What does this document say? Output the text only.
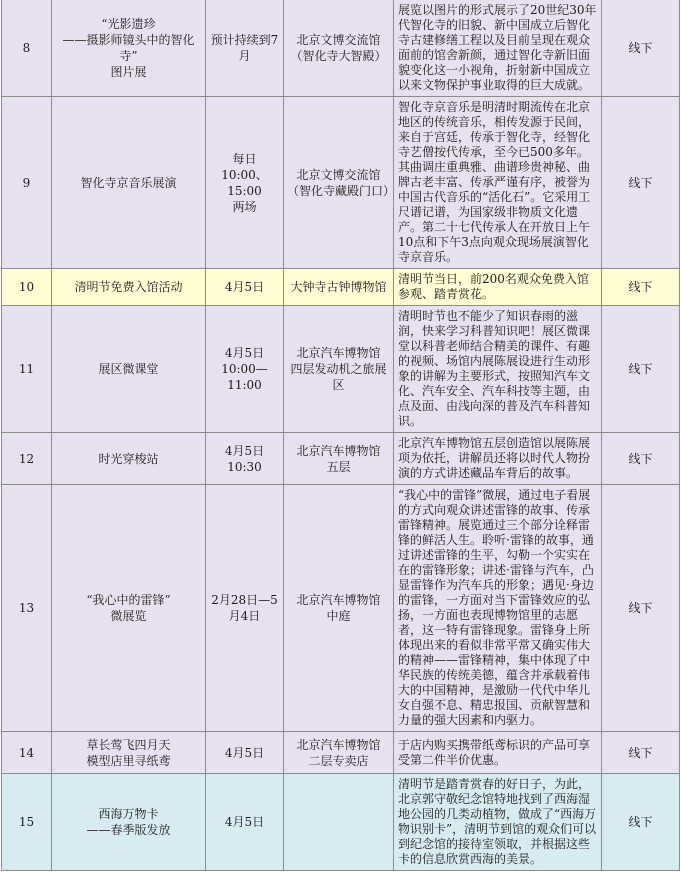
8	“光影遗珍
——摄影师镜头中的智化寺”
图片展	预计持续到7月	北京文博交流馆
（智化寺大智殿）	展览以图片的形式展示了20世纪30年代智化寺的旧貌、新中国成立后智化寺古建修缮工程以及目前呈现在观众面前的馆舍新颜，通过智化寺新旧面貌变化这一小视角，折射新中国成立以来文物保护事业取得的巨大成就。	线下
9	智化寺京音乐展演	每日
10:00、15:00
两场	北京文博交流馆
（智化寺藏殿门口）	智化寺京音乐是明清时期流传在北京地区的传统音乐，相传发源于民间，来自于宫廷，传承于智化寺，经智化寺艺僧按代传承，至今已500多年。其曲调庄重典雅、曲谱珍贵神秘、曲牌古老丰富、传承严谨有序，被誉为中国古代音乐的“活化石”。它采用工尺谱记谱，为国家级非物质文化遗产。第二十七代传承人在开放日上午10点和下午3点向观众现场展演智化寺京音乐。	线下
10	清明节免费入馆活动	4月5日	大钟寺古钟博物馆	清明节当日，前200名观众免费入馆参观、踏青赏花。	线下
11	展区微课堂	4月5日
10:00—11:00	北京汽车博物馆
四层发动机之旅展区	清明时节也不能少了知识春雨的滋润，快来学习科普知识吧！展区微课堂以科普老师结合精美的课件、有趣的视频、场馆内展陈展设进行生动形象的讲解为主要形式，按照知汽车文化、汽车安全、汽车科技等主题，由点及面、由浅向深的普及汽车科普知识。	线下
12	时光穿梭站	4月5日
10:30	北京汽车博物馆
五层	北京汽车博物馆五层创造馆以展陈展项为依托，讲解员还将以时代人物扮演的方式讲述藏品车背后的故事。	线下
13	“我心中的雷锋”
微展览	2月28日—5月4日	北京汽车博物馆
中庭	“我心中的雷锋”微展，通过电子看展的方式向观众讲述雷锋的故事、传承雷锋精神。展览通过三个部分诠释雷锋的鲜活人生。聆听·雷锋的故事，通过讲述雷锋的生平，勾勒一个实实在在的雷锋形象；讲述·雷锋与汽车，凸显雷锋作为汽车兵的形象；遇见·身边的雷锋，一方面对当下雷锋效应的弘扬，一方面也表现博物馆里的志愿者，这一特有雷锋现象。雷锋身上所体现出来的看似非常平常又确实伟大的精神——雷锋精神，集中体现了中华民族的传统美德，蕴含并承载着伟大的中国精神，是激励一代代中华儿女自强不息、精忠报国、贡献智慧和力量的强大因素和内驱力。	线下
14	草长莺飞四月天
模型店里寻纸鸢	4月5日	北京汽车博物馆
二层专卖店	于店内购买携带纸鸢标识的产品可享受第二件半价优惠。	线下
15	西海万物卡
——春季版发放	4月5日		清明节是踏青赏春的好日子，为此，北京郭守敬纪念馆特地找到了西海湿地公园的几类动植物，做成了“西海万物识别卡”，清明节到馆的观众们可以到纪念馆的接待室领取，并根据这些卡的信息欣赏西海的美景。	线下
